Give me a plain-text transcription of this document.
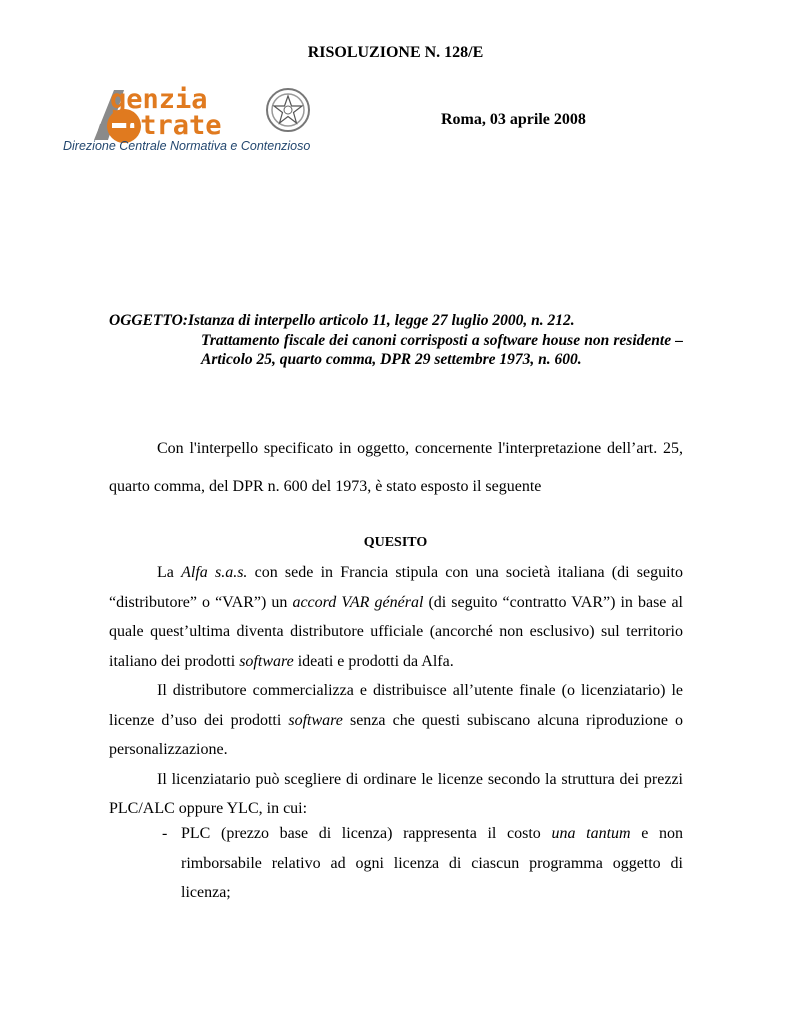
RISOLUZIONE N. 128/E
genzia
ntrate
Direzione Centrale Normativa e Contenzioso
Roma, 03 aprile 2008
OGGETTO:Istanza di interpello articolo 11, legge 27 luglio 2000, n. 212.
Trattamento fiscale dei canoni corrisposti a software house non residente – Articolo 25, quarto comma, DPR 29 settembre 1973, n. 600.

Con l'interpello specificato in oggetto, concernente l'interpretazione dell’art. 25, quarto comma, del DPR n. 600 del 1973, è stato esposto il seguente

QUESITO

La Alfa s.a.s. con sede in Francia stipula con una società italiana (di seguito “distributore” o “VAR”) un accord VAR général (di seguito “contratto VAR”) in base al quale quest’ultima diventa distributore ufficiale (ancorché non esclusivo) sul territorio italiano dei prodotti software ideati e prodotti da Alfa.

Il distributore commercializza e distribuisce all’utente finale (o licenziatario) le licenze d’uso dei prodotti software senza che questi subiscano alcuna riproduzione o personalizzazione.

Il licenziatario può scegliere di ordinare le licenze secondo la struttura dei prezzi PLC/ALC oppure YLC, in cui:

- PLC (prezzo base di licenza) rappresenta il costo una tantum e non rimborsabile relativo ad ogni licenza di ciascun programma oggetto di licenza;
